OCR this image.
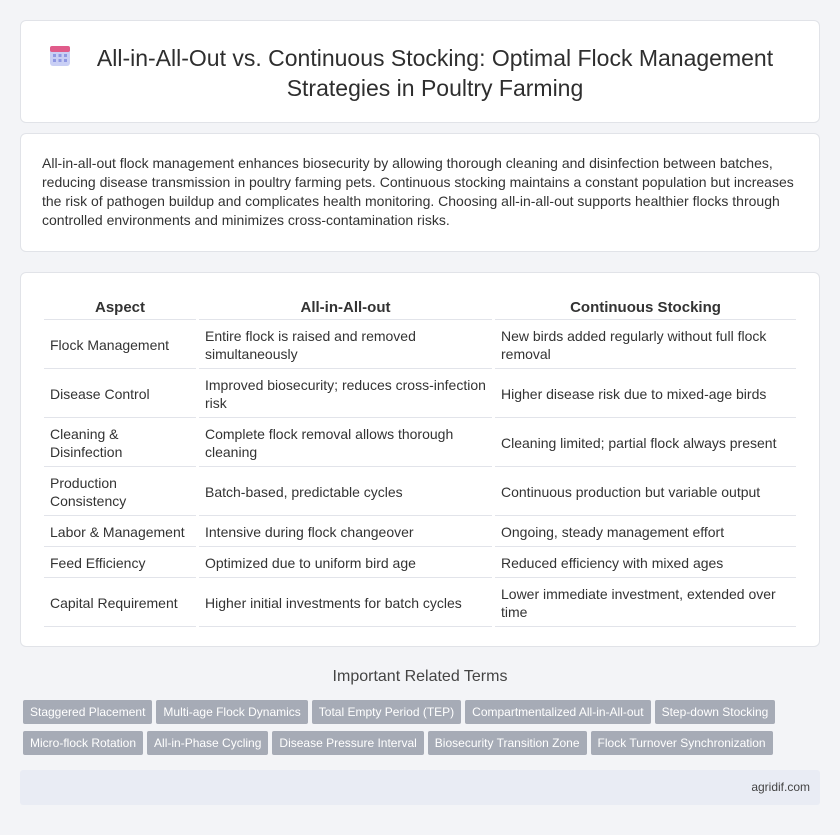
All-in-All-Out vs. Continuous Stocking: Optimal Flock Management Strategies in Poultry Farming

All-in-all-out flock management enhances biosecurity by allowing thorough cleaning and disinfection between batches, reducing disease transmission in poultry farming pets. Continuous stocking maintains a constant population but increases the risk of pathogen buildup and complicates health monitoring. Choosing all-in-all-out supports healthier flocks through controlled environments and minimizes cross-contamination risks.

Aspect	All-in-All-out	Continuous Stocking
Flock Management	Entire flock is raised and removed simultaneously	New birds added regularly without full flock removal
Disease Control	Improved biosecurity; reduces cross-infection risk	Higher disease risk due to mixed-age birds
Cleaning & Disinfection	Complete flock removal allows thorough cleaning	Cleaning limited; partial flock always present
Production Consistency	Batch-based, predictable cycles	Continuous production but variable output
Labor & Management	Intensive during flock changeover	Ongoing, steady management effort
Feed Efficiency	Optimized due to uniform bird age	Reduced efficiency with mixed ages
Capital Requirement	Higher initial investments for batch cycles	Lower immediate investment, extended over time
Important Related Terms
Staggered Placement Multi-age Flock Dynamics Total Empty Period (TEP) Compartmentalized All-in-All-out Step-down Stocking
Micro-flock Rotation All-in-Phase Cycling Disease Pressure Interval Biosecurity Transition Zone Flock Turnover Synchronization
agridif.com
